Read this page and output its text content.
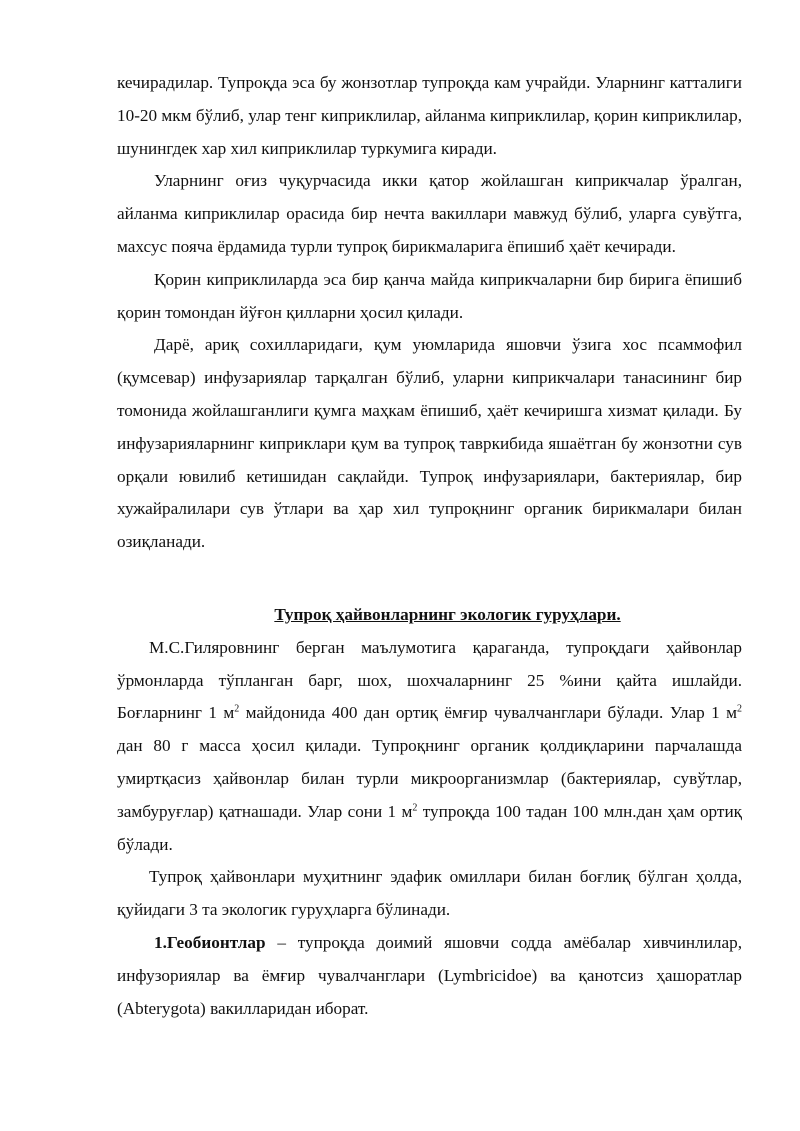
кечирадилар. Тупроқда эса бу жонзотлар тупроқда кам учрайди. Уларнинг катталиги 10-20 мкм бўлиб, улар тенг киприклилар, айланма киприклилар, қорин киприклилар, шунингдек хар хил киприклилар туркумига киради.

Уларнинг оғиз чуқурчасида икки қатор жойлашган киприкчалар ўралган, айланма киприклилар орасида бир нечта вакиллари мавжуд бўлиб, уларга сувўтга, махсус пояча ёрдамида турли тупроқ бирикмаларига ёпишиб ҳаёт кечиради.

Қорин киприклиларда эса бир қанча майда киприкчаларни бир бирига ёпишиб қорин томондан йўғон қилларни ҳосил қилади.

Дарё, ариқ сохилларидаги, қум уюмларида яшовчи ўзига хос псаммофил (қумсевар) инфузариялар тарқалган бўлиб, уларни киприкчалари танасининг бир томонида жойлашганлиги қумга маҳкам ёпишиб, ҳаёт кечиришга хизмат қилади. Бу инфузарияларнинг киприклари қум ва тупроқ тавркибида яшаётган бу жонзотни сув орқали ювилиб кетишидан сақлайди. Тупроқ инфузариялари, бактериялар, бир хужайралилари сув ўтлари ва ҳар хил тупроқнинг органик бирикмалари билан озиқланади.

Тупроқ ҳайвонларнинг экологик гуруҳлари.

М.С.Гиляровнинг берган маълумотига қараганда, тупроқдаги ҳайвонлар ўрмонларда тўпланган барг, шох, шохчаларнинг 25 %ини қайта ишлайди. Боғларнинг 1 $м^2$ майдонида 400 дан ортиқ ёмғир чувалчанглари бўлади. Улар 1 $м^2$ дан 80 г масса ҳосил қилади. Тупроқнинг органик қолдиқларини парчалашда умиртқасиз ҳайвонлар билан турли микроорганизмлар (бактериялар, сувўтлар, замбуруғлар) қатнашади. Улар сони 1 $м^2$ тупроқда 100 тадан 100 млн.дан ҳам ортиқ бўлади.

Тупроқ ҳайвонлари муҳитнинг эдафик омиллари билан боғлиқ бўлган ҳолда, қуйидаги 3 та экологик гуруҳларга бўлинади.

1.Геобионтлар – тупроқда доимий яшовчи содда амёбалар хивчинлилар, инфузориялар ва ёмғир чувалчанглари (Lymbricidoe) ва қанотсиз ҳашоратлар (Abterygota) вакилларидан иборат.
